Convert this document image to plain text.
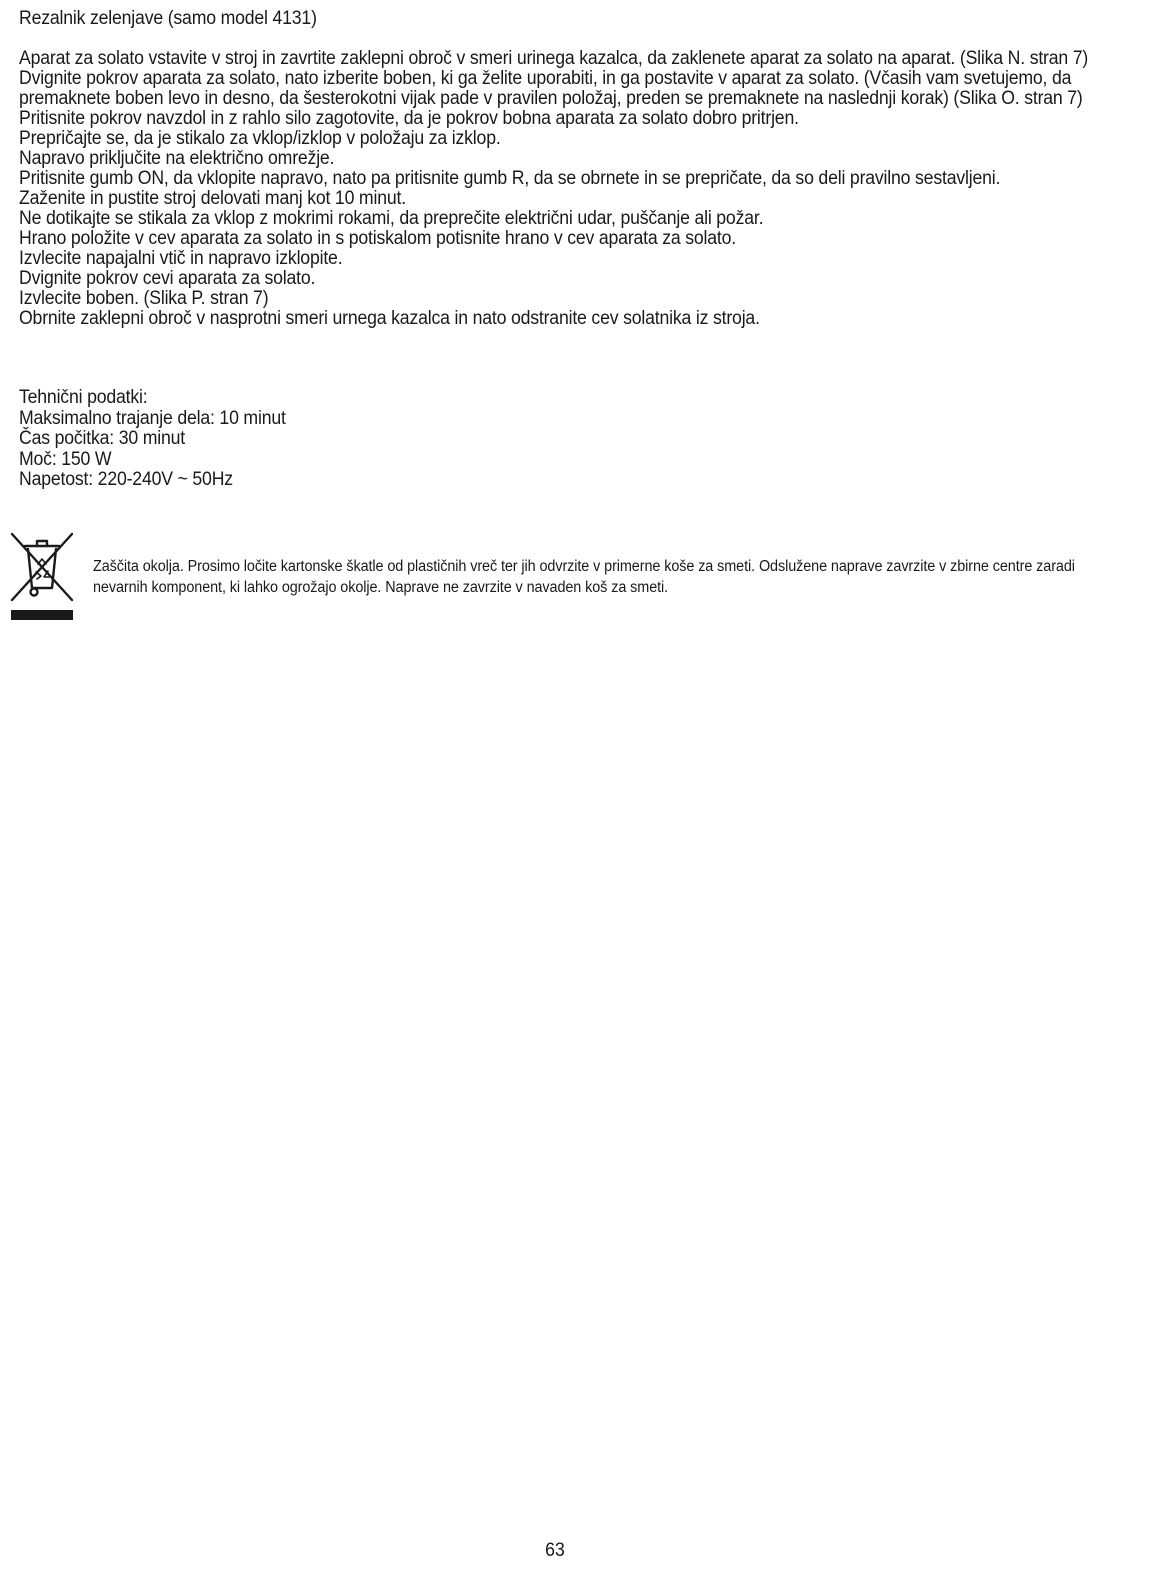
Rezalnik zelenjave (samo model 4131)

Aparat za solato vstavite v stroj in zavrtite zaklepni obroč v smeri urinega kazalca, da zaklenete aparat za solato na aparat. (Slika N. stran 7)

Dvignite pokrov aparata za solato, nato izberite boben, ki ga želite uporabiti, in ga postavite v aparat za solato. (Včasih vam svetujemo, da premaknete boben levo in desno, da šesterokotni vijak pade v pravilen položaj, preden se premaknete na naslednji korak) (Slika O. stran 7)

Pritisnite pokrov navzdol in z rahlo silo zagotovite, da je pokrov bobna aparata za solato dobro pritrjen.

Prepričajte se, da je stikalo za vklop/izklop v položaju za izklop.

Napravo priključite na električno omrežje.

Pritisnite gumb ON, da vklopite napravo, nato pa pritisnite gumb R, da se obrnete in se prepričate, da so deli pravilno sestavljeni.

Zaženite in pustite stroj delovati manj kot 10 minut.

Ne dotikajte se stikala za vklop z mokrimi rokami, da preprečite električni udar, puščanje ali požar.

Hrano položite v cev aparata za solato in s potiskalom potisnite hrano v cev aparata za solato.

Izvlecite napajalni vtič in napravo izklopite.

Dvignite pokrov cevi aparata za solato.

Izvlecite boben. (Slika P. stran 7)

Obrnite zaklepni obroč v nasprotni smeri urnega kazalca in nato odstranite cev solatnika iz stroja.

Tehnični podatki:

Maksimalno trajanje dela: 10 minut

Čas počitka: 30 minut

Moč: 150 W

Napetost: 220-240V ~ 50Hz

Zaščita okolja. Prosimo ločite kartonske škatle od plastičnih vreč ter jih odvrzite v primerne koše za smeti. Odslužene naprave zavrzite v zbirne centre zaradi nevarnih komponent, ki lahko ogrožajo okolje. Naprave ne zavrzite v navaden koš za smeti.
63
